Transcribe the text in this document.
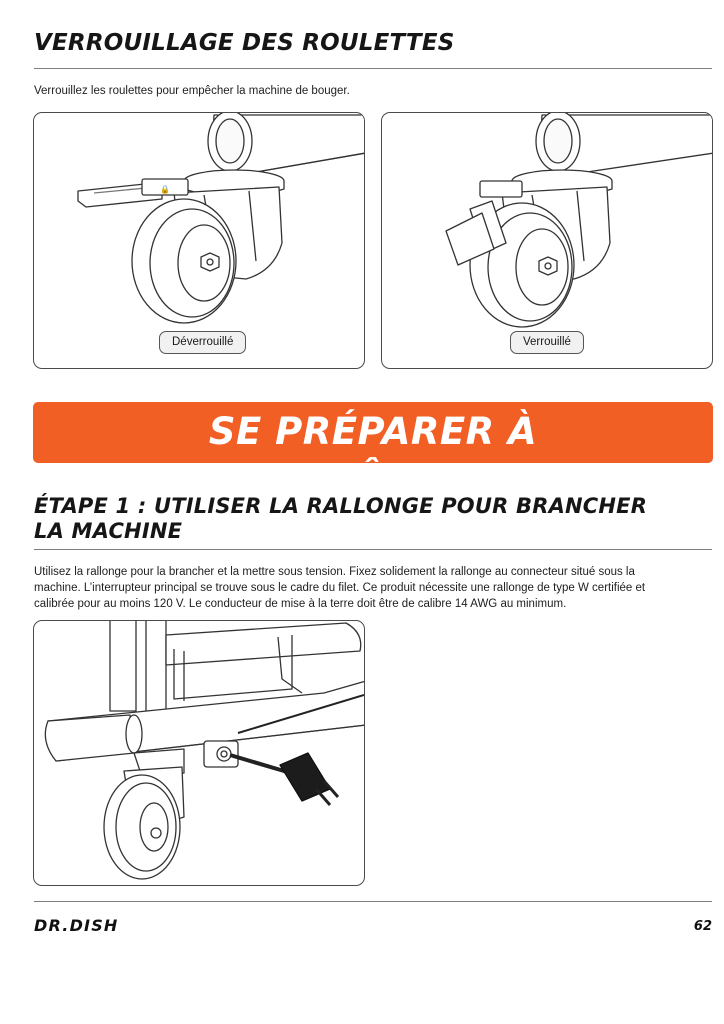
VERROUILLAGE DES ROULETTES
Verrouillez les roulettes pour empêcher la machine de bouger.
🔒
Déverrouillé	Verrouillé
SE PRÉPARER À L’ENTRAÎNEMENT
ÉTAPE 1 : UTILISER LA RALLONGE POUR BRANCHER
LA MACHINE
Utilisez la rallonge pour la brancher et la mettre sous tension. Fixez solidement la rallonge au connecteur situé sous la
machine. L’interrupteur principal se trouve sous le cadre du filet. Ce produit nécessite une rallonge de type W certifiée et
calibrée pour au moins 120 V. Le conducteur de mise à la terre doit être de calibre 14 AWG au minimum.
DR.DISH	62
